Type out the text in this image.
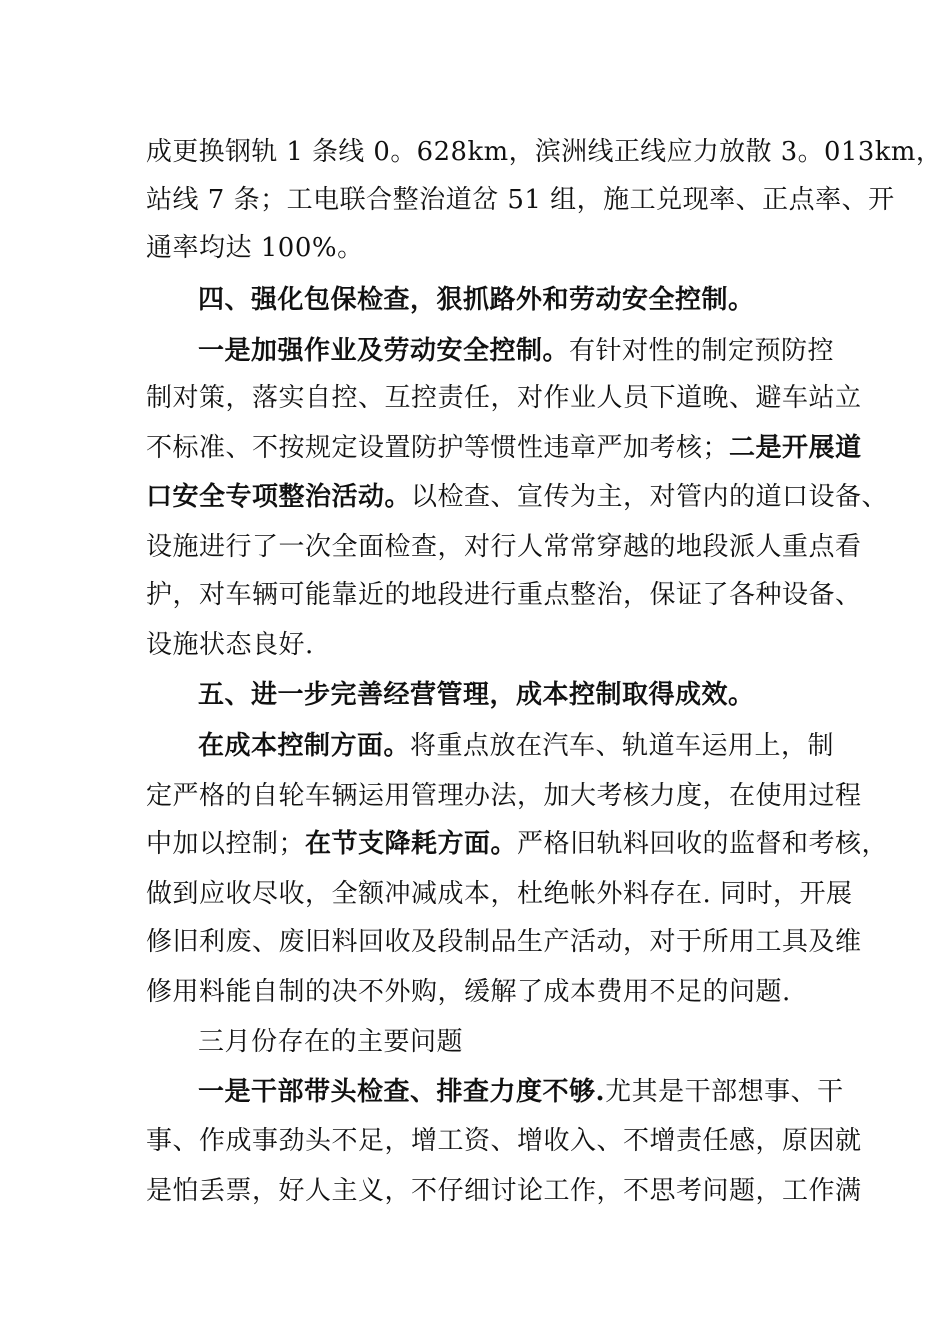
成更换钢轨 1 条线 0。628km，滨洲线正线应力放散 3。013km，
站线 7 条；工电联合整治道岔 51 组，施工兑现率、正点率、开
通率均达 100%。
四、强化包保检查，狠抓路外和劳动安全控制。
一是加强作业及劳动安全控制。有针对性的制定预防控
制对策，落实自控、互控责任，对作业人员下道晚、避车站立
不标准、不按规定设置防护等惯性违章严加考核；二是开展道
口安全专项整治活动。以检查、宣传为主，对管内的道口设备、
设施进行了一次全面检查，对行人常常穿越的地段派人重点看
护，对车辆可能靠近的地段进行重点整治，保证了各种设备、
设施状态良好.
五、进一步完善经营管理，成本控制取得成效。
在成本控制方面。将重点放在汽车、轨道车运用上，制
定严格的自轮车辆运用管理办法，加大考核力度，在使用过程
中加以控制；在节支降耗方面。严格旧轨料回收的监督和考核，
做到应收尽收，全额冲减成本，杜绝帐外料存在. 同时，开展
修旧利废、废旧料回收及段制品生产活动，对于所用工具及维
修用料能自制的决不外购，缓解了成本费用不足的问题.
三月份存在的主要问题
一是干部带头检查、排查力度不够.尤其是干部想事、干
事、作成事劲头不足，增工资、增收入、不增责任感，原因就
是怕丢票，好人主义，不仔细讨论工作，不思考问题，工作满
